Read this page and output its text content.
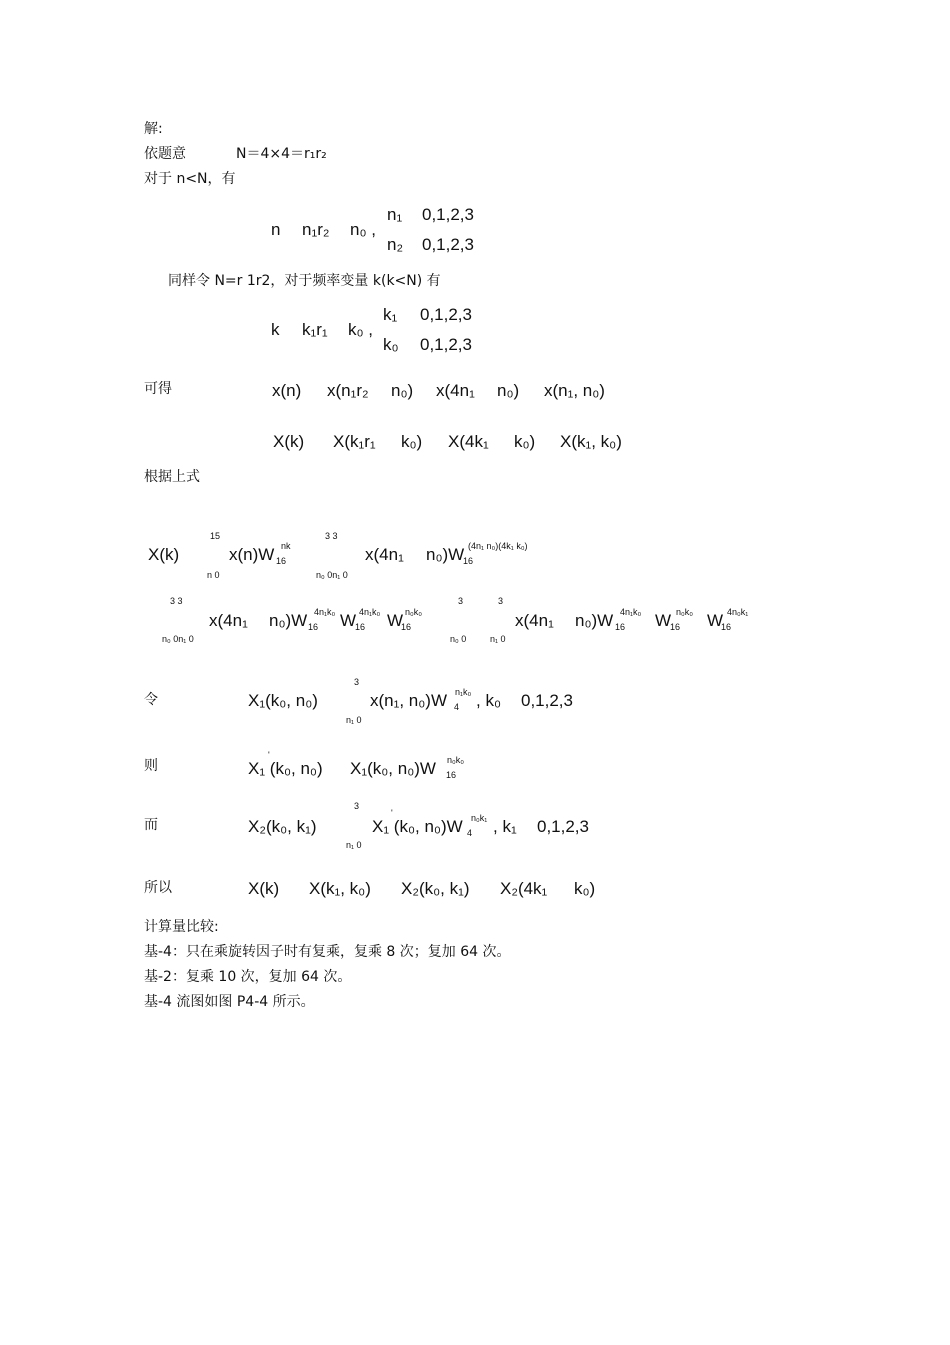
解:
依题意	N＝4×4＝r₁r₂
对于 n<N，有
n n₁r₂ n₀ ,
n₁ 0,1,2,3
n₂ 0,1,2,3
同样令 N=r 1r2，对于频率变量 k(k<N) 有
k k₁r₁ k₀ ,
k₁ 0,1,2,3
k₀ 0,1,2,3
可得	x(n) x(n₁r₂ n₀) x(4n₁ n₀) x(n₁, n₀)
X(k) X(k₁r₁ k₀) X(4k₁ k₀) X(k₁, k₀)
根据上式
X(k)
15
n 0
x(n)W 16
nk
3 3
n₀ 0n₁ 0
x(4n₁ n₀)W
16
(4n₁ n₀)(4k₁ k₀)
3 3
n₀ 0n₁ 0
x(4n₁ n₀)W 16
4n₁k₀ W
16
4n₁k₀ W
16
n₀k₀
3
n₀ 0
3
n₁ 0
x(4n₁ n₀)W 16
4n₁k₀ W
16
n₀k₀ W
16
4n₀k₁
令	X₁(k₀, n₀)
3
n₁ 0
x(n₁, n₀)W 4
n₁k₀ , k₀ 0,1,2,3
则	X₁ (k₀, n₀)
'
X₁(k₀, n₀)W 16
n₀k₀
而	X₂(k₀, k₁)
3
n₁ 0
X₁ (k₀, n₀)W
'
4
n₀k₁ , k₁ 0,1,2,3
所以	X(k) X(k₁, k₀) X₂(k₀, k₁) X₂(4k₁ k₀)
计算量比较:
基-4：只在乘旋转因子时有复乘，复乘 8 次；复加 64 次。
基-2：复乘 10 次，复加 64 次。
基-4 流图如图 P4-4 所示。
